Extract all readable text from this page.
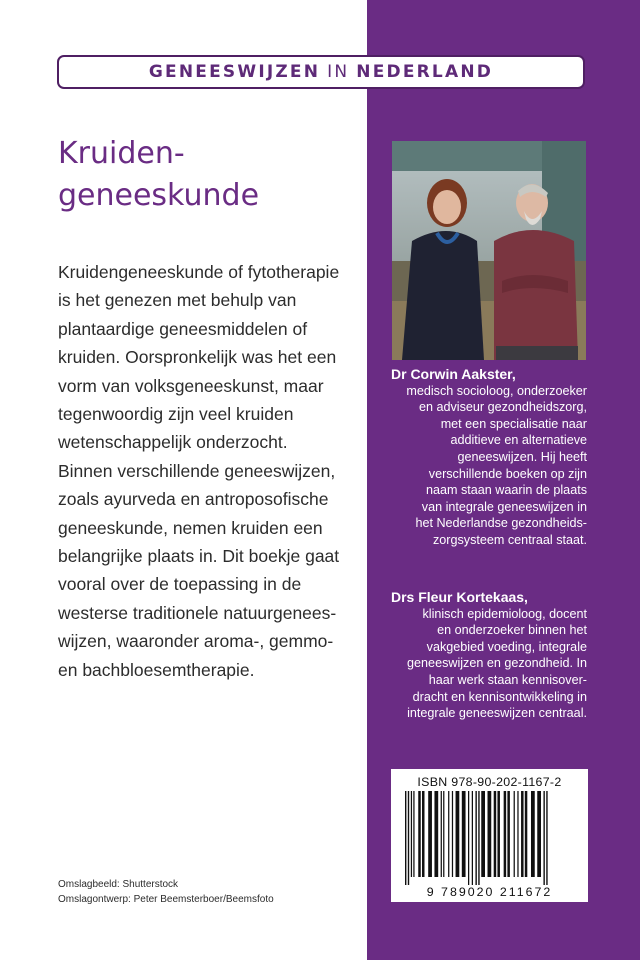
GENEESWIJZEN IN NEDERLAND
Kruiden-
geneeskunde

Kruidengeneeskunde of fytotherapie
is het genezen met behulp van
plantaardige geneesmiddelen of
kruiden. Oorspronkelijk was het een
vorm van volksgeneeskunst, maar
tegenwoordig zijn veel kruiden
wetenschappelijk onderzocht.
Binnen verschillende geneeswijzen,
zoals ayurveda en antroposofische
geneeskunde, nemen kruiden een
belangrijke plaats in. Dit boekje gaat
vooral over de toepassing in de
westerse traditionele natuurgenees-
wijzen, waaronder aroma-, gemmo-
en bachbloesemtherapie.

Dr Corwin Aakster,
medisch socioloog, onderzoeker
en adviseur gezondheidszorg,
met een specialisatie naar
additieve en alternatieve
geneeswijzen. Hij heeft
verschillende boeken op zijn
naam staan waarin de plaats
van integrale geneeswijzen in
het Nederlandse gezondheids-
zorgsysteem centraal staat.
Drs Fleur Kortekaas,
klinisch epidemioloog, docent
en onderzoeker binnen het
vakgebied voeding, integrale
geneeswijzen en gezondheid. In
haar werk staan kennisover-
dracht en kennisontwikkeling in
integrale geneeswijzen centraal.
ISBN 978-90-202-1167-2
9 789020 211672
Omslagbeeld: Shutterstock
Omslagontwerp: Peter Beemsterboer/Beemsfoto
